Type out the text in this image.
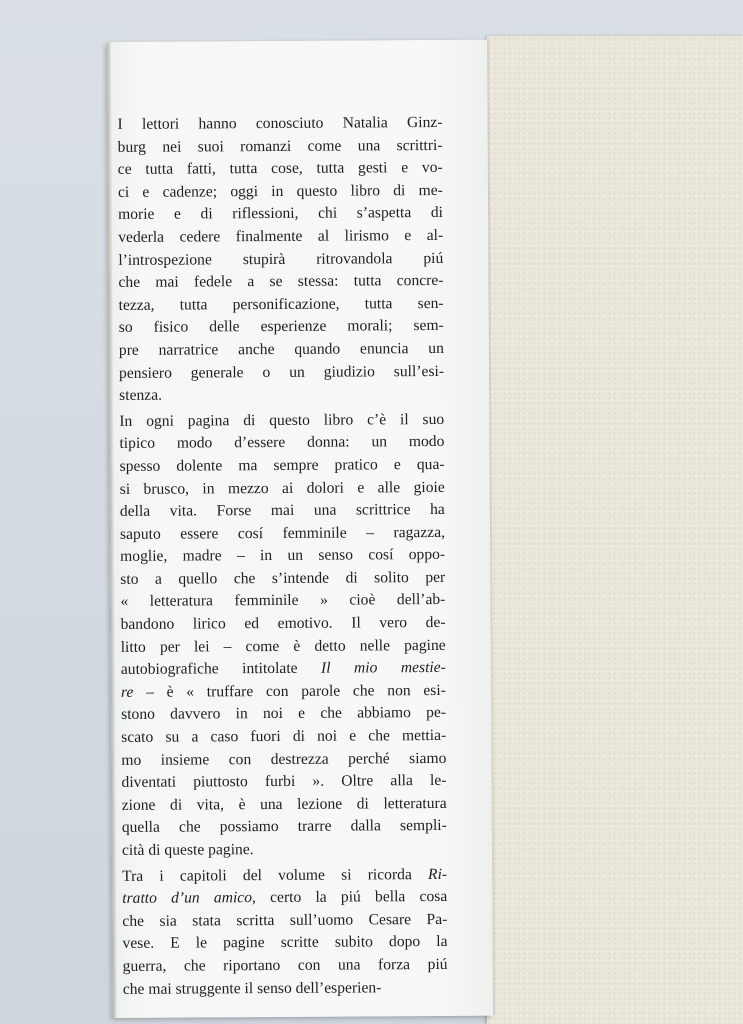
I lettori hanno conosciuto Natalia Ginz-
burg nei suoi romanzi come una scrittri-
ce tutta fatti, tutta cose, tutta gesti e vo-
ci e cadenze; oggi in questo libro di me-
morie e di riflessioni, chi s’aspetta di
vederla cedere finalmente al lirismo e al-
l’introspezione stupirà ritrovandola piú
che mai fedele a se stessa: tutta concre-
tezza, tutta personificazione, tutta sen-
so fisico delle esperienze morali; sem-
pre narratrice anche quando enuncia un
pensiero generale o un giudizio sull’esi-
stenza.
In ogni pagina di questo libro c’è il suo
tipico modo d’essere donna: un modo
spesso dolente ma sempre pratico e qua-
si brusco, in mezzo ai dolori e alle gioie
della vita. Forse mai una scrittrice ha
saputo essere cosí femminile – ragazza,
moglie, madre – in un senso cosí oppo-
sto a quello che s’intende di solito per
« letteratura femminile » cioè dell’ab-
bandono lirico ed emotivo. Il vero de-
litto per lei – come è detto nelle pagine
autobiografiche intitolate Il mio mestie-
re – è « truffare con parole che non esi-
stono davvero in noi e che abbiamo pe-
scato su a caso fuori di noi e che mettia-
mo insieme con destrezza perché siamo
diventati piuttosto furbi ». Oltre alla le-
zione di vita, è una lezione di letteratura
quella che possiamo trarre dalla sempli-
cità di queste pagine.
Tra i capitoli del volume si ricorda Ri-
tratto d’un amico, certo la piú bella cosa
che sia stata scritta sull’uomo Cesare Pa-
vese. E le pagine scritte subito dopo la
guerra, che riportano con una forza piú
che mai struggente il senso dell’esperien-
